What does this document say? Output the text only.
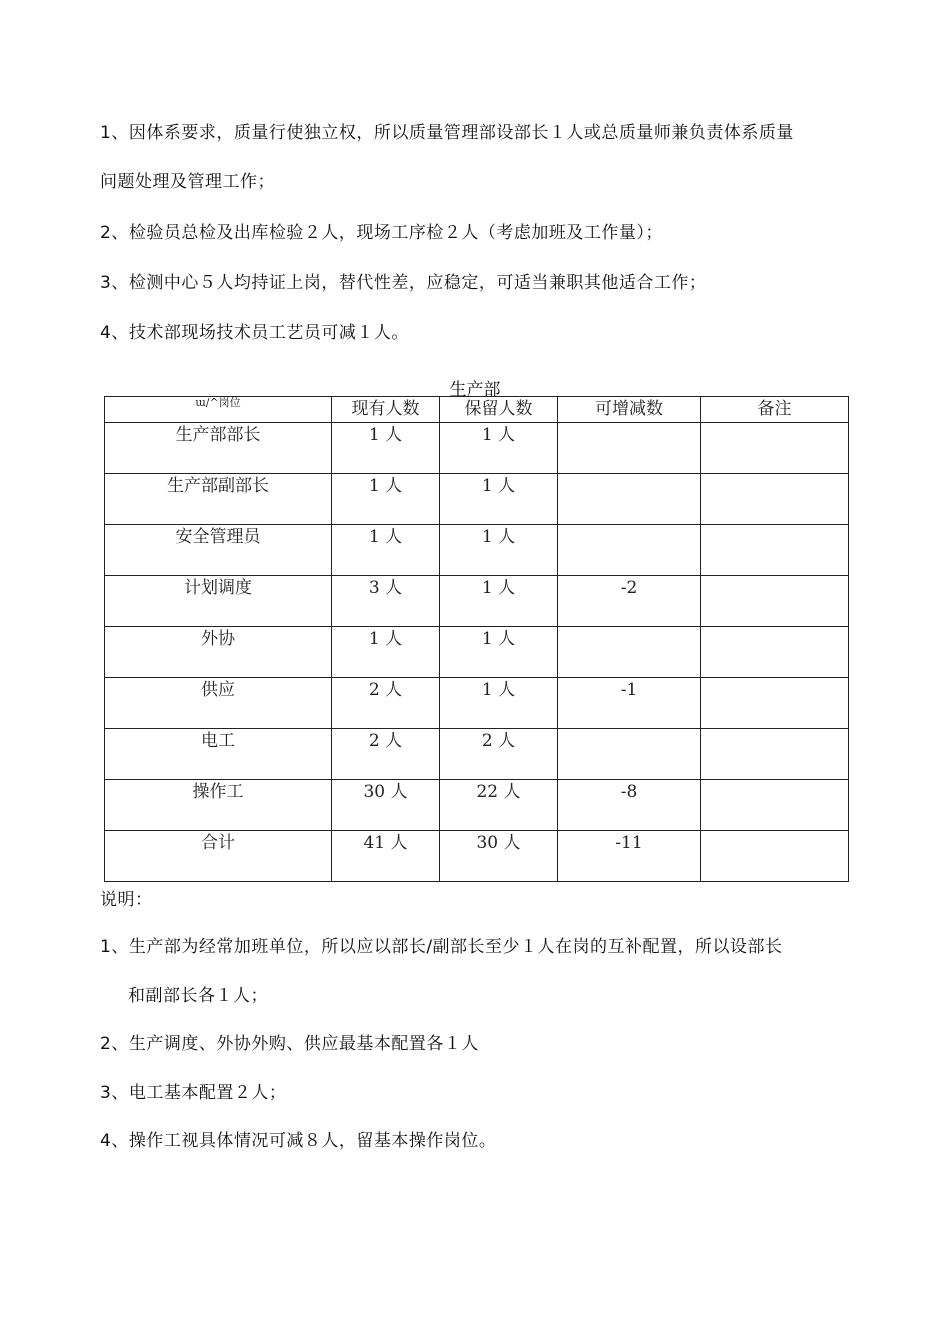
1、因体系要求，质量行使独立权，所以质量管理部设部长１人或总质量师兼负责体系质量
问题处理及管理工作；
2、检验员总检及出库检验２人，现场工序检２人（考虑加班及工作量）；
3、检测中心５人均持证上岗，替代性差，应稳定，可适当兼职其他适合工作；
4、技术部现场技术员工艺员可减１人。
生产部
ɯ/^岗位	现有人数	保留人数	可增减数	备注
生产部部长	1 人	1 人		
生产部副部长	1 人	1 人		
安全管理员	1 人	1 人		
计划调度	3 人	1 人	-2	
外协	1 人	1 人		
供应	2 人	1 人	-1	
电工	2 人	2 人		
操作工	30 人	22 人	-8	
合计	41 人	30 人	-11	
说明：
1、生产部为经常加班单位，所以应以部长/副部长至少１人在岗的互补配置，所以设部长
和副部长各１人；
2、生产调度、外协外购、供应最基本配置各１人
3、电工基本配置２人；
4、操作工视具体情况可减８人，留基本操作岗位。
